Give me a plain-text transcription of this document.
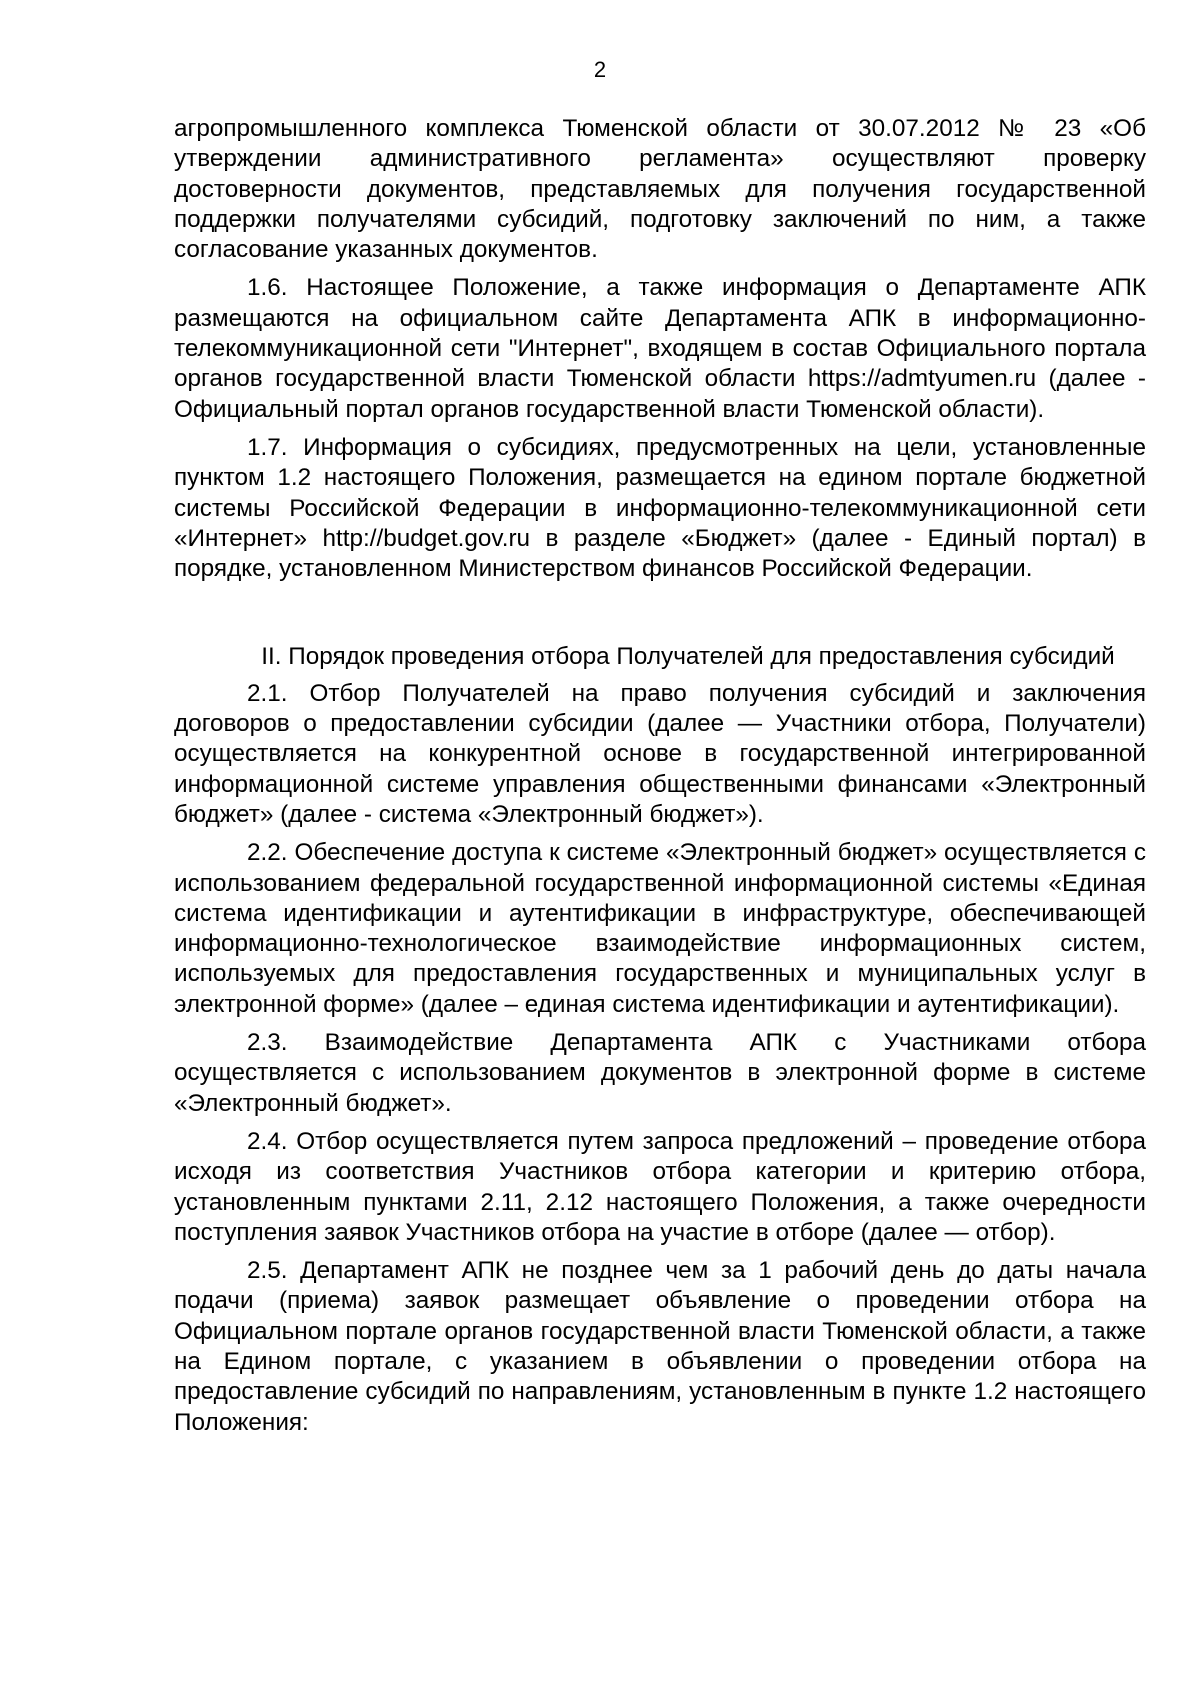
2

агропромышленного комплекса Тюменской области от 30.07.2012 № 23 «Об утверждении административного регламента» осуществляют проверку достоверности документов, представляемых для получения государственной поддержки получателями субсидий, подготовку заключений по ним, а также согласование указанных документов.

1.6. Настоящее Положение, а также информация о Департаменте АПК размещаются на официальном сайте Департамента АПК в информационно-телекоммуникационной сети "Интернет", входящем в состав Официального портала органов государственной власти Тюменской области https://admtyumen.ru (далее - Официальный портал органов государственной власти Тюменской области).

1.7. Информация о субсидиях, предусмотренных на цели, установленные пунктом 1.2 настоящего Положения, размещается на едином портале бюджетной системы Российской Федерации в информационно-телекоммуникационной сети «Интернет» http://budget.gov.ru в разделе «Бюджет» (далее - Единый портал) в порядке, установленном Министерством финансов Российской Федерации.

II. Порядок проведения отбора Получателей для предоставления субсидий

2.1. Отбор Получателей на право получения субсидий и заключения договоров о предоставлении субсидии (далее — Участники отбора, Получатели) осуществляется на конкурентной основе в государственной интегрированной информационной системе управления общественными финансами «Электронный бюджет» (далее - система «Электронный бюджет»).

2.2. Обеспечение доступа к системе «Электронный бюджет» осуществляется с использованием федеральной государственной информационной системы «Единая система идентификации и аутентификации в инфраструктуре, обеспечивающей информационно-технологическое взаимодействие информационных систем, используемых для предоставления государственных и муниципальных услуг в электронной форме» (далее – единая система идентификации и аутентификации).

2.3. Взаимодействие Департамента АПК с Участниками отбора осуществляется с использованием документов в электронной форме в системе «Электронный бюджет».

2.4. Отбор осуществляется путем запроса предложений – проведение отбора исходя из соответствия Участников отбора категории и критерию отбора, установленным пунктами 2.11, 2.12 настоящего Положения, а также очередности поступления заявок Участников отбора на участие в отборе (далее — отбор).

2.5. Департамент АПК не позднее чем за 1 рабочий день до даты начала подачи (приема) заявок размещает объявление о проведении отбора на Официальном портале органов государственной власти Тюменской области, а также на Едином портале, с указанием в объявлении о проведении отбора на предоставление субсидий по направлениям, установленным в пункте 1.2 настоящего Положения:
